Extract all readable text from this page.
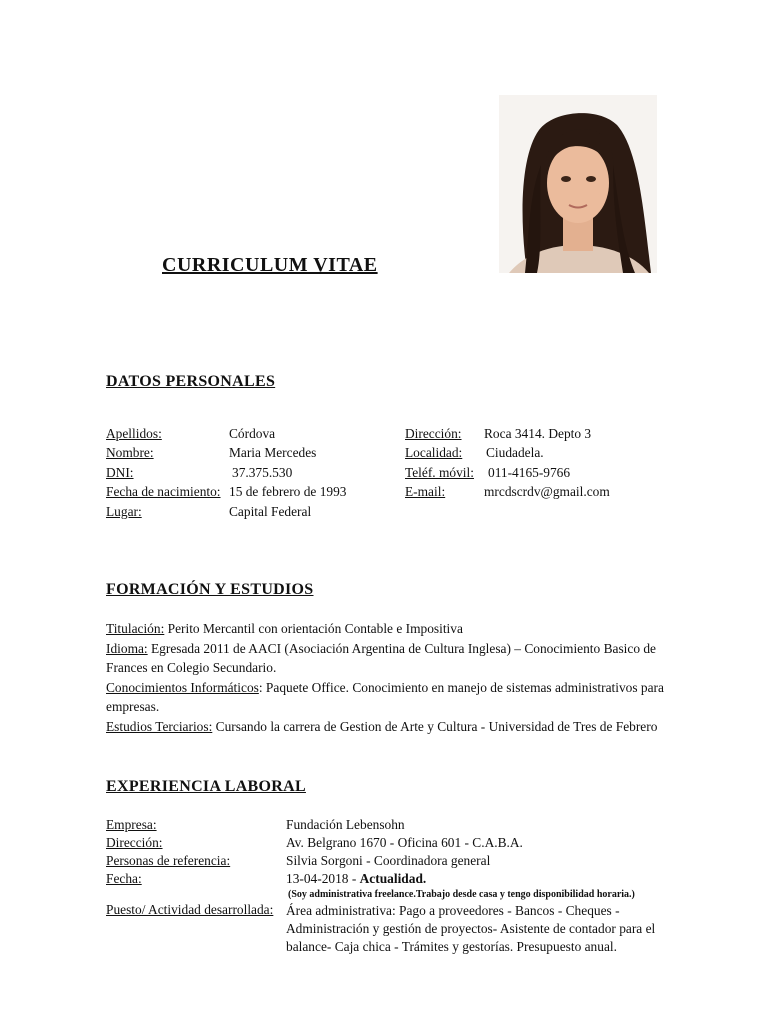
CURRICULUM VITAE
DATOS PERSONALES
Apellidos:	Córdova
Nombre:	Maria Mercedes
DNI:	37.375.530
Fecha de nacimiento: 15 de febrero de 1993
Lugar:	Capital Federal
Dirección: Roca 3414. Depto 3
Localidad: Ciudadela.
Teléf. móvil: 011-4165-9766
E-mail:	mrcdscrdv@gmail.com
FORMACIÓN Y ESTUDIOS
Titulación: Perito Mercantil con orientación Contable e Impositiva
Idioma: Egresada 2011 de AACI (Asociación Argentina de Cultura Inglesa) – Conocimiento Basico de Frances en Colegio Secundario.
Conocimientos Informáticos: Paquete Office. Conocimiento en manejo de sistemas administrativos para empresas.
Estudios Terciarios: Cursando la carrera de Gestion de Arte y Cultura - Universidad de Tres de Febrero
EXPERIENCIA LABORAL
Empresa:	Fundación Lebensohn
Dirección:	Av. Belgrano 1670 - Oficina 601 - C.A.B.A.
Personas de referencia:	Silvia Sorgoni - Coordinadora general
Fecha:	13-04-2018 - Actualidad.
(Soy administrativa freelance.Trabajo desde casa y tengo disponibilidad horaria.)
Puesto/ Actividad desarrollada: Área administrativa: Pago a proveedores - Bancos - Cheques - Administración y gestión de proyectos- Asistente de contador para el balance- Caja chica - Trámites y gestorías. Presupuesto anual.
